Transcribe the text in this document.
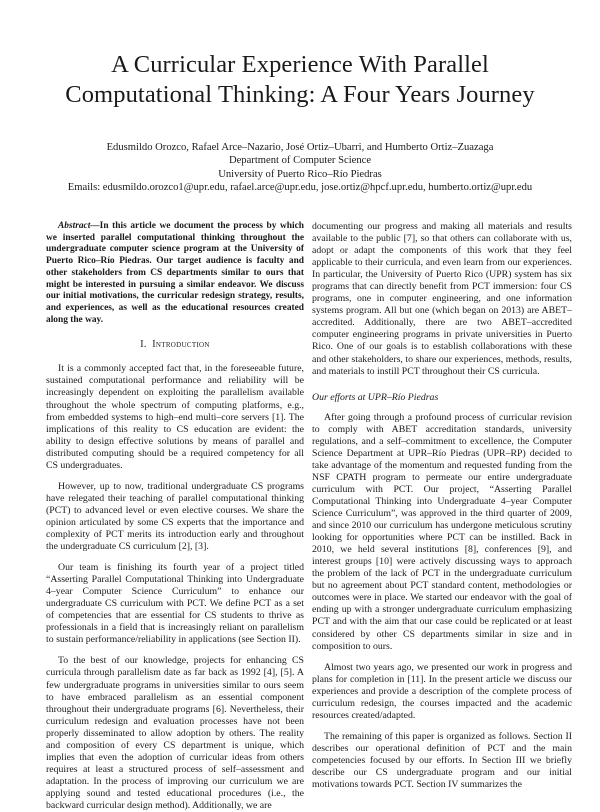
A Curricular Experience With Parallel
Computational Thinking: A Four Years Journey
Edusmildo Orozco, Rafael Arce–Nazario, José Ortiz–Ubarri, and Humberto Ortiz–Zuazaga
Department of Computer Science
University of Puerto Rico–Río Piedras
Emails: edusmildo.orozco1@upr.edu, rafael.arce@upr.edu, jose.ortiz@hpcf.upr.edu, humberto.ortiz@upr.edu

Abstract—In this article we document the process by which we inserted parallel computational thinking throughout the undergraduate computer science program at the University of Puerto Rico–Río Piedras. Our target audience is faculty and other stakeholders from CS departments similar to ours that might be interested in pursuing a similar endeavor. We discuss our initial motivations, the curricular redesign strategy, results, and experiences, as well as the educational resources created along the way.

I. Introduction

It is a commonly accepted fact that, in the foreseeable future, sustained computational performance and reliability will be increasingly dependent on exploiting the parallelism available throughout the whole spectrum of computing platforms, e.g., from embedded systems to high–end multi–core servers [1]. The implications of this reality to CS education are evident: the ability to design effective solutions by means of parallel and distributed computing should be a required competency for all CS undergraduates.

However, up to now, traditional undergraduate CS programs have relegated their teaching of parallel computational thinking (PCT) to advanced level or even elective courses. We share the opinion articulated by some CS experts that the importance and complexity of PCT merits its introduction early and throughout the undergraduate CS curriculum [2], [3].

Our team is finishing its fourth year of a project titled “Asserting Parallel Computational Thinking into Undergraduate 4–year Computer Science Curriculum” to enhance our undergraduate CS curriculum with PCT. We define PCT as a set of competencies that are essential for CS students to thrive as professionals in a field that is increasingly reliant on parallelism to sustain performance/reliability in applications (see Section II).

To the best of our knowledge, projects for enhancing CS curricula through parallelism date as far back as 1992 [4], [5]. A few undergraduate programs in universities similar to ours seem to have embraced parallelism as an essential component throughout their undergraduate programs [6]. Nevertheless, their curriculum redesign and evaluation processes have not been properly disseminated to allow adoption by others. The reality and composition of every CS department is unique, which implies that even the adoption of curricular ideas from others requires at least a structured process of self–assessment and adaptation. In the process of improving our curriculum we are applying sound and tested educational procedures (i.e., the backward curricular design method). Additionally, we are

documenting our progress and making all materials and results available to the public [7], so that others can collaborate with us, adopt or adapt the components of this work that they feel applicable to their curricula, and even learn from our experiences. In particular, the University of Puerto Rico (UPR) system has six programs that can directly benefit from PCT immersion: four CS programs, one in computer engineering, and one information systems program. All but one (which began on 2013) are ABET–accredited. Additionally, there are two ABET–accredited computer engineering programs in private universities in Puerto Rico. One of our goals is to establish collaborations with these and other stakeholders, to share our experiences, methods, results, and materials to instill PCT throughout their CS curricula.

Our efforts at UPR–Río Piedras

After going through a profound process of curricular revision to comply with ABET accreditation standards, university regulations, and a self–commitment to excellence, the Computer Science Department at UPR–Río Piedras (UPR–RP) decided to take advantage of the momentum and requested funding from the NSF CPATH program to permeate our entire undergraduate curriculum with PCT. Our project, “Asserting Parallel Computational Thinking into Undergraduate 4–year Computer Science Curriculum”, was approved in the third quarter of 2009, and since 2010 our curriculum has undergone meticulous scrutiny looking for opportunities where PCT can be instilled. Back in 2010, we held several institutions [8], conferences [9], and interest groups [10] were actively discussing ways to approach the problem of the lack of PCT in the undergraduate curriculum but no agreement about PCT standard content, methodologies or outcomes were in place. We started our endeavor with the goal of ending up with a stronger undergraduate curriculum emphasizing PCT and with the aim that our case could be replicated or at least considered by other CS departments similar in size and in composition to ours.

Almost two years ago, we presented our work in progress and plans for completion in [11]. In the present article we discuss our experiences and provide a description of the complete process of curriculum redesign, the courses impacted and the academic resources created/adapted.

The remaining of this paper is organized as follows. Section II describes our operational definition of PCT and the main competencies focused by our efforts. In Section III we briefly describe our CS undergraduate program and our initial motivations towards PCT. Section IV summarizes the
